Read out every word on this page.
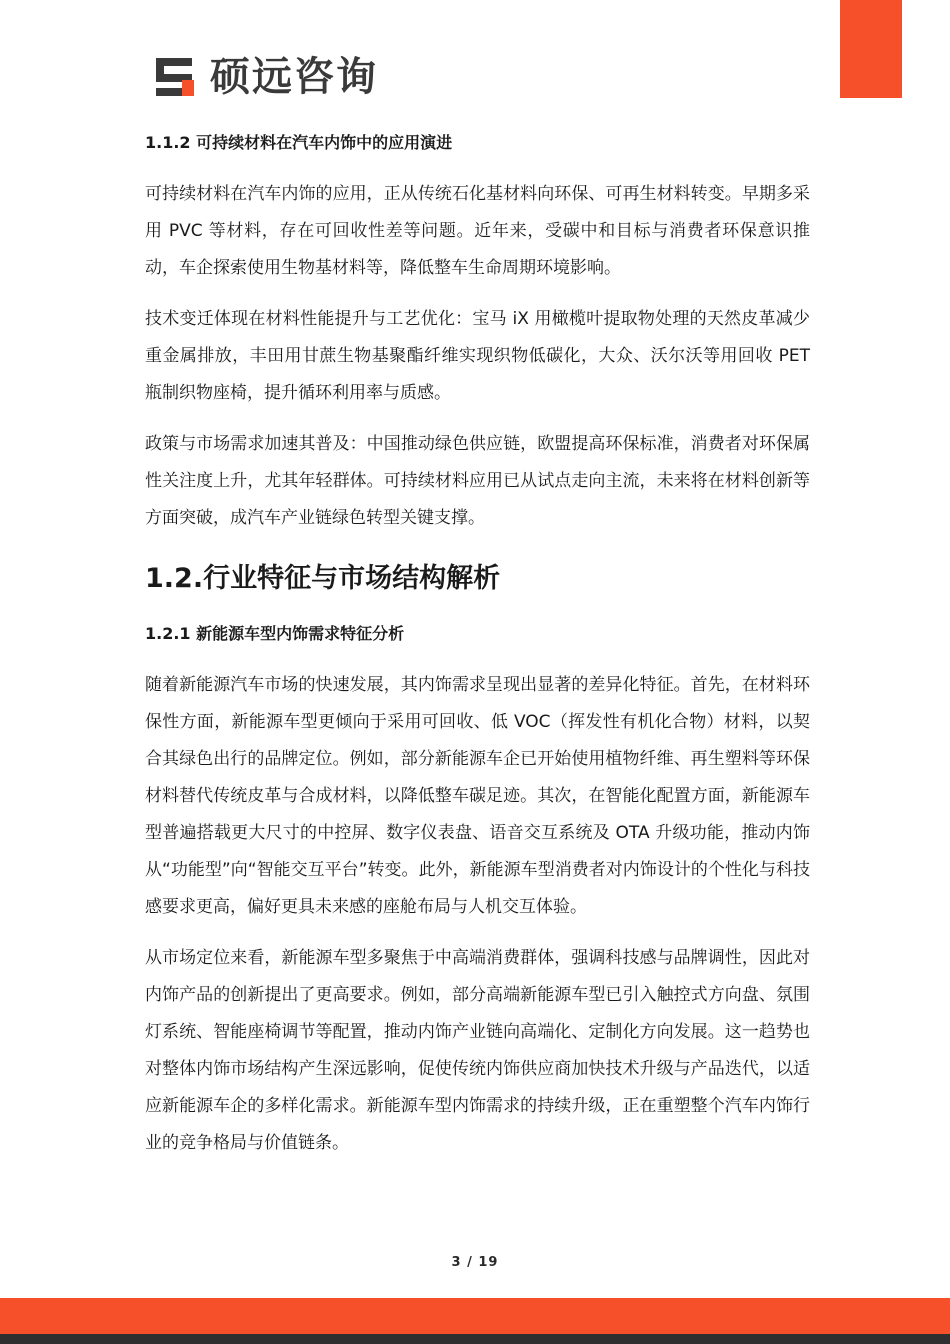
硕远咨询
1.1.2 可持续材料在汽车内饰中的应用演进

可持续材料在汽车内饰的应用，正从传统石化基材料向环保、可再生材料转变。早期多采用 PVC 等材料，存在可回收性差等问题。近年来，受碳中和目标与消费者环保意识推动，车企探索使用生物基材料等，降低整车生命周期环境影响。

技术变迁体现在材料性能提升与工艺优化：宝马 iX 用橄榄叶提取物处理的天然皮革减少重金属排放，丰田用甘蔗生物基聚酯纤维实现织物低碳化，大众、沃尔沃等用回收 PET 瓶制织物座椅，提升循环利用率与质感。

政策与市场需求加速其普及：中国推动绿色供应链，欧盟提高环保标准，消费者对环保属性关注度上升，尤其年轻群体。可持续材料应用已从试点走向主流，未来将在材料创新等方面突破，成汽车产业链绿色转型关键支撑。

1.2.行业特征与市场结构解析
1.2.1 新能源车型内饰需求特征分析

随着新能源汽车市场的快速发展，其内饰需求呈现出显著的差异化特征。首先，在材料环保性方面，新能源车型更倾向于采用可回收、低 VOC（挥发性有机化合物）材料，以契合其绿色出行的品牌定位。例如，部分新能源车企已开始使用植物纤维、再生塑料等环保材料替代传统皮革与合成材料，以降低整车碳足迹。其次，在智能化配置方面，新能源车型普遍搭载更大尺寸的中控屏、数字仪表盘、语音交互系统及 OTA 升级功能，推动内饰从“功能型”向“智能交互平台”转变。此外，新能源车型消费者对内饰设计的个性化与科技感要求更高，偏好更具未来感的座舱布局与人机交互体验。

从市场定位来看，新能源车型多聚焦于中高端消费群体，强调科技感与品牌调性，因此对内饰产品的创新提出了更高要求。例如，部分高端新能源车型已引入触控式方向盘、氛围灯系统、智能座椅调节等配置，推动内饰产业链向高端化、定制化方向发展。这一趋势也对整体内饰市场结构产生深远影响，促使传统内饰供应商加快技术升级与产品迭代，以适应新能源车企的多样化需求。新能源车型内饰需求的持续升级，正在重塑整个汽车内饰行业的竞争格局与价值链条。

3 / 19
